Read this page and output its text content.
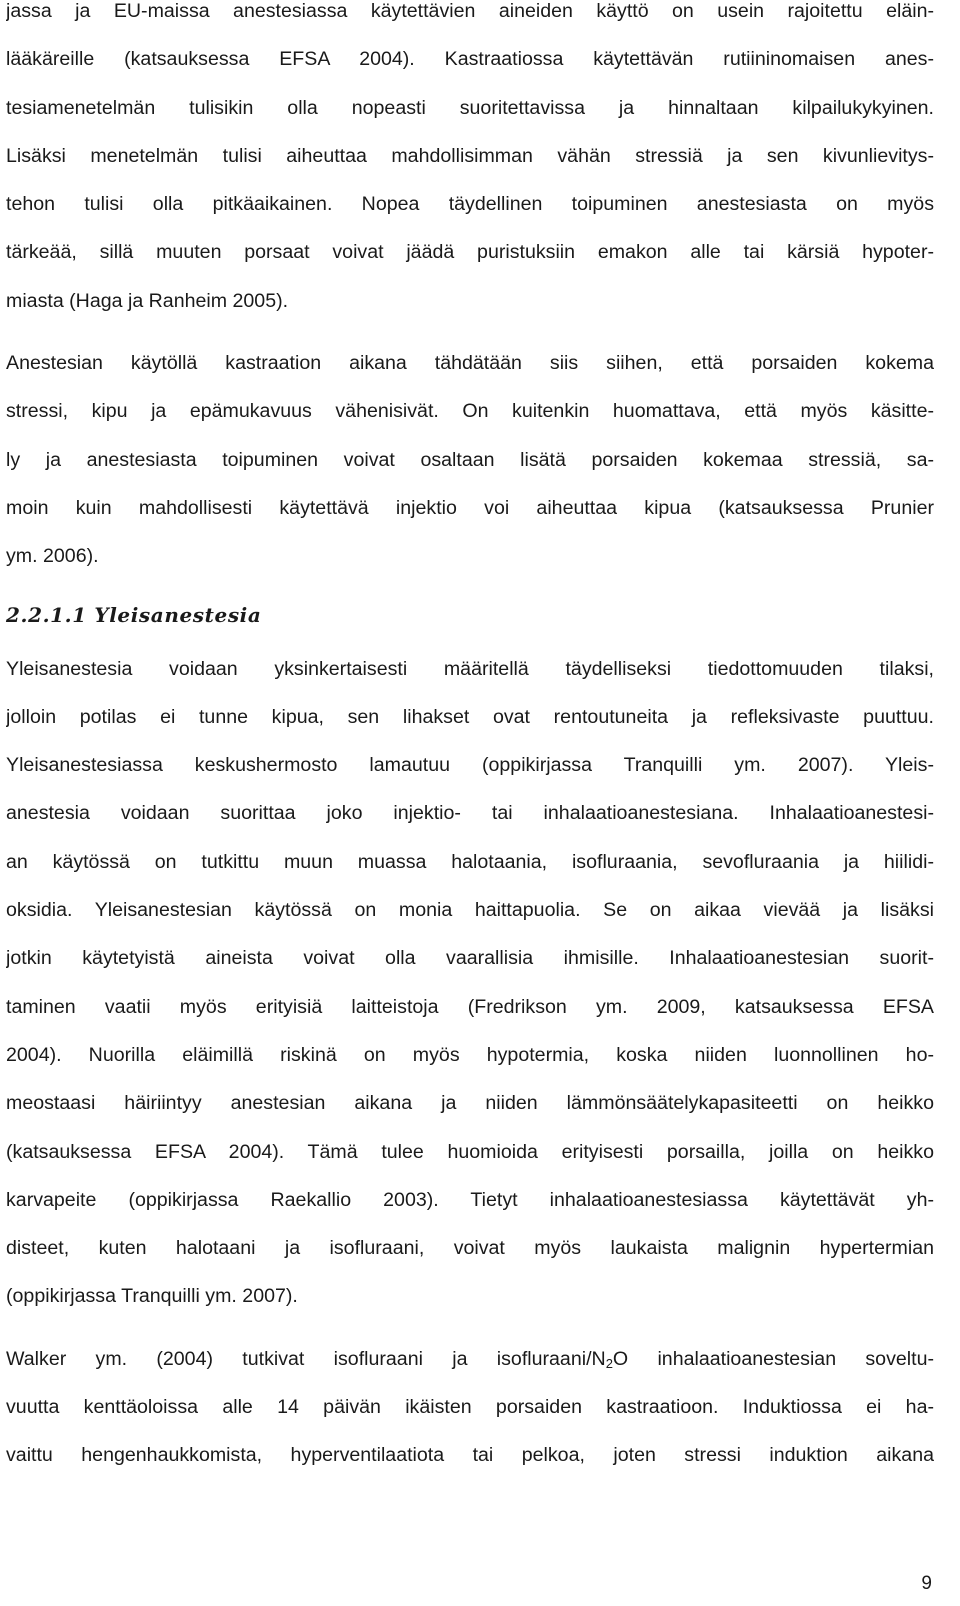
jassa ja EU-maissa anestesiassa käytettävien aineiden käyttö on usein rajoitettu eläin-
lääkäreille (katsauksessa EFSA 2004). Kastraatiossa käytettävän rutiininomaisen anes-
tesiamenetelmän tulisikin olla nopeasti suoritettavissa ja hinnaltaan kilpailukykyinen.
Lisäksi menetelmän tulisi aiheuttaa mahdollisimman vähän stressiä ja sen kivunlievitys-
tehon tulisi olla pitkäaikainen. Nopea täydellinen toipuminen anestesiasta on myös
tärkeää, sillä muuten porsaat voivat jäädä puristuksiin emakon alle tai kärsiä hypoter-
miasta (Haga ja Ranheim 2005).
Anestesian käytöllä kastraation aikana tähdätään siis siihen, että porsaiden kokema
stressi, kipu ja epämukavuus vähenisivät. On kuitenkin huomattava, että myös käsitte-
ly ja anestesiasta toipuminen voivat osaltaan lisätä porsaiden kokemaa stressiä, sa-
moin kuin mahdollisesti käytettävä injektio voi aiheuttaa kipua (katsauksessa Prunier
ym. 2006).
2.2.1.1 Yleisanestesia
Yleisanestesia voidaan yksinkertaisesti määritellä täydelliseksi tiedottomuuden tilaksi,
jolloin potilas ei tunne kipua, sen lihakset ovat rentoutuneita ja refleksivaste puuttuu.
Yleisanestesiassa keskushermosto lamautuu (oppikirjassa Tranquilli ym. 2007). Yleis-
anestesia voidaan suorittaa joko injektio- tai inhalaatioanestesiana. Inhalaatioanestesi-
an käytössä on tutkittu muun muassa halotaania, isofluraania, sevofluraania ja hiilidi-
oksidia. Yleisanestesian käytössä on monia haittapuolia. Se on aikaa vievää ja lisäksi
jotkin käytetyistä aineista voivat olla vaarallisia ihmisille. Inhalaatioanestesian suorit-
taminen vaatii myös erityisiä laitteistoja (Fredrikson ym. 2009, katsauksessa EFSA
2004). Nuorilla eläimillä riskinä on myös hypotermia, koska niiden luonnollinen ho-
meostaasi häiriintyy anestesian aikana ja niiden lämmönsäätelykapasiteetti on heikko
(katsauksessa EFSA 2004). Tämä tulee huomioida erityisesti porsailla, joilla on heikko
karvapeite (oppikirjassa Raekallio 2003). Tietyt inhalaatioanestesiassa käytettävät yh-
disteet, kuten halotaani ja isofluraani, voivat myös laukaista malignin hypertermian
(oppikirjassa Tranquilli ym. 2007).
Walker ym. (2004) tutkivat isofluraani ja isofluraani/$N_2O$ inhalaatioanestesian soveltu-
vuutta kenttäoloissa alle 14 päivän ikäisten porsaiden kastraatioon. Induktiossa ei ha-
vaittu hengenhaukkomista, hyperventilaatiota tai pelkoa, joten stressi induktion aikana
9
